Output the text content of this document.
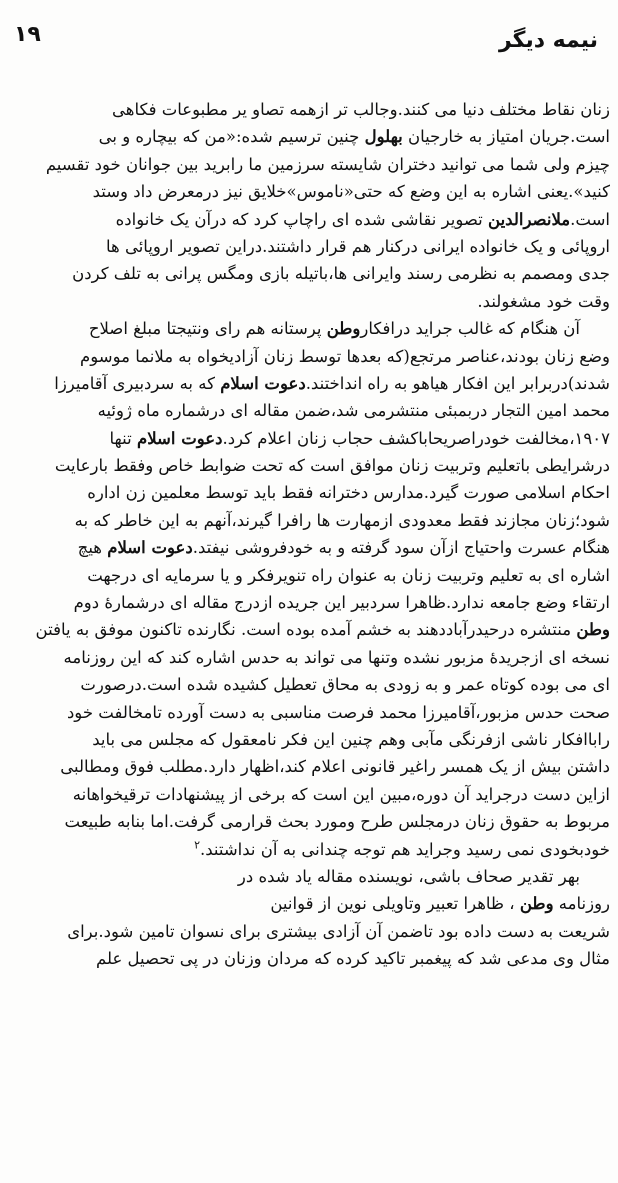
۱۹	نیمه دیگر
زنان نقاط مختلف دنیا می کنند.وجالب تر ازهمه تصاو یر مطبوعات فکاهی
است.جریان امتیاز به خارجیان بهلول چنین ترسیم شده:«من که بیچاره و بی
چیزم ولی شما می توانید دختران شایسته سرزمین ما رابرید بین جوانان خود تقسیم
کنید».یعنی اشاره به این وضع که حتی«ناموس»خلایق نیز درمعرض داد وستد
است.ملانصرالدین تصویر نقاشی شده ای راچاپ کرد که درآن یک خانواده
اروپائی و یک خانواده ایرانی درکنار هم قرار داشتند.دراین تصویر اروپائی ها
جدی ومصمم به نظرمی رسند وایرانی ها،باتیله بازی ومگس پرانی به تلف کردن
وقت خود مشغولند.
آن هنگام که غالب جراید درافکاروطن پرستانه هم رای ونتیجتا مبلغ اصلاح
وضع زنان بودند،عناصر مرتجع(که بعدها توسط زنان آزادیخواه به ملانما موسوم
شدند)دربرابر این افکار هیاهو به راه انداختند.دعوت اسلام که به سردبیری آقامیرزا
محمد امین التجار دربمبئی منتشرمی شد،ضمن مقاله ای درشماره ماه ژوئیه
۱۹۰۷،مخالفت خودراصریحاباکشف حجاب زنان اعلام کرد.دعوت اسلام تنها
درشرایطی باتعلیم وتربیت زنان موافق است که تحت ضوابط خاص وفقط بارعایت
احکام اسلامی صورت گیرد.مدارس دخترانه فقط باید توسط معلمین زن اداره
شود؛زنان مجازند فقط معدودی ازمهارت ها رافرا گیرند،آنهم به این خاطر که به
هنگام عسرت واحتیاج ازآن سود گرفته و به خودفروشی نیفتد.دعوت اسلام هیچ
اشاره ای به تعلیم وتربیت زنان به عنوان راه تنویرفکر و یا سرمایه ای درجهت
ارتقاء وضع جامعه ندارد.ظاهرا سردبیر این جریده ازدرج مقاله ای درشمارهٔ دوم
وطن منتشره درحیدرآباددهند به خشم آمده بوده است. نگارنده تاکنون موفق به یافتن
نسخه ای ازجریدهٔ مزبور نشده وتنها می تواند به حدس اشاره کند که این روزنامه
ای می بوده کوتاه عمر و به زودی به محاق تعطیل کشیده شده است.درصورت
صحت حدس مزبور،آقامیرزا محمد فرصت مناسبی به دست آورده تامخالفت خود
راباافکار ناشی ازفرنگی مآبی وهم چنین این فکر نامعقول که مجلس می باید
داشتن بیش از یک همسر راغیر قانونی اعلام کند،اظهار دارد.مطلب فوق ومطالبی
ازاین دست درجراید آن دوره،مبین این است که برخی از پیشنهادات ترقیخواهانه
مربوط به حقوق زنان درمجلس طرح ومورد بحث قرارمی گرفت.اما بنابه طبیعت
خودبخودی نمی رسید وجراید هم توجه چندانی به آن نداشتند.$^۲$
بهر تقدیر صحاف باشی، نویسنده مقاله یاد شده در
روزنامه وطن ، ظاهرا تعبیر وتاویلی نوین از قوانین
شریعت به دست داده بود تاضمن آن آزادی بیشتری برای نسوان تامین شود.برای
مثال وی مدعی شد که پیغمبر تاکید کرده که مردان وزنان در پی تحصیل علم
